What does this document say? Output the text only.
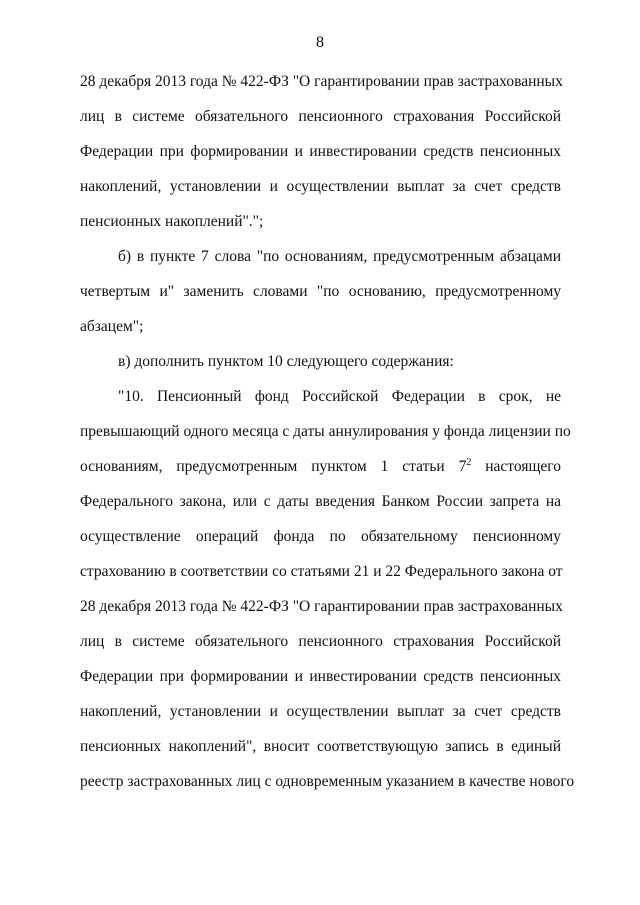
8
28 декабря 2013 года № 422-ФЗ "О гарантировании прав застрахованных
лиц в системе обязательного пенсионного страхования Российской
Федерации при формировании и инвестировании средств пенсионных
накоплений, установлении и осуществлении выплат за счет средств
пенсионных накоплений".";
б) в пункте 7 слова "по основаниям, предусмотренным абзацами
четвертым и" заменить словами "по основанию, предусмотренному
абзацем";
в) дополнить пунктом 10 следующего содержания:
"10. Пенсионный фонд Российской Федерации в срок, не
превышающий одного месяца с даты аннулирования у фонда лицензии по
основаниям, предусмотренным пунктом 1 статьи $7^2$ настоящего
Федерального закона, или с даты введения Банком России запрета на
осуществление операций фонда по обязательному пенсионному
страхованию в соответствии со статьями 21 и 22 Федерального закона от
28 декабря 2013 года № 422-ФЗ "О гарантировании прав застрахованных
лиц в системе обязательного пенсионного страхования Российской
Федерации при формировании и инвестировании средств пенсионных
накоплений, установлении и осуществлении выплат за счет средств
пенсионных накоплений", вносит соответствующую запись в единый
реестр застрахованных лиц с одновременным указанием в качестве нового
